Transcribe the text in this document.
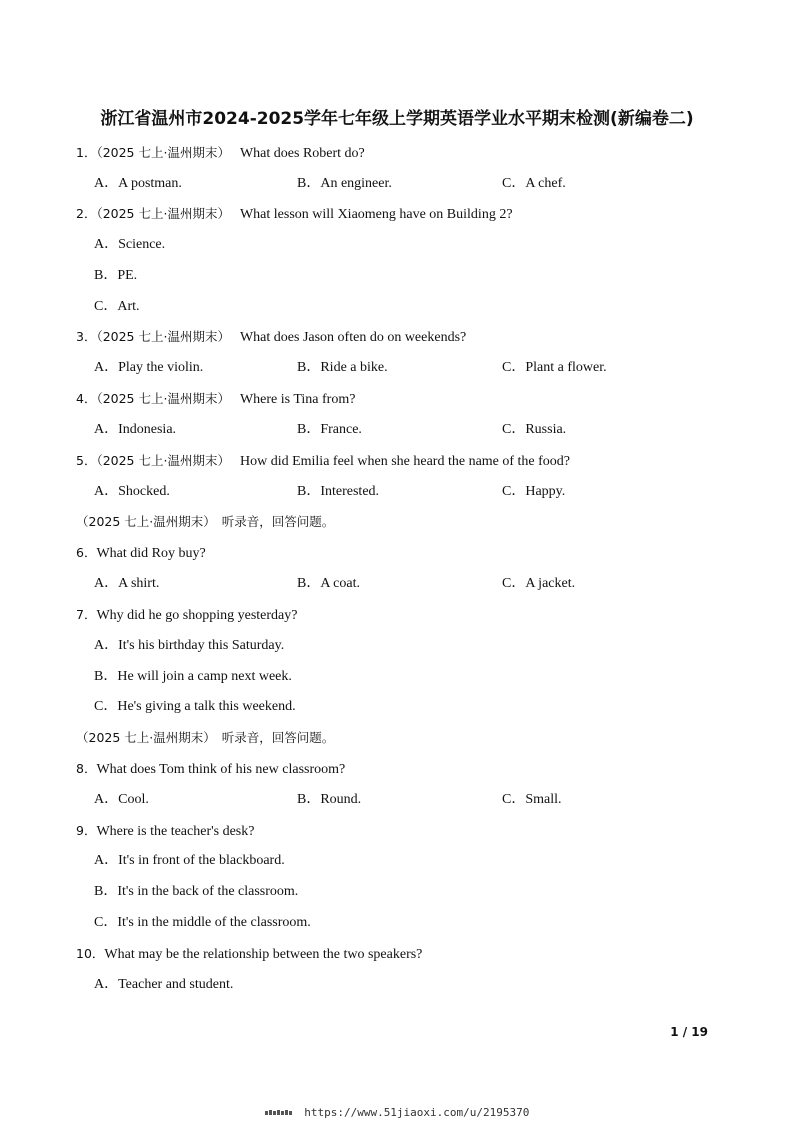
浙江省温州市2024-2025学年七年级上学期英语学业水平期末检测(新编卷二)
1．（2025 七上·温州期末） What does Robert do?
A．A postman.	B．An engineer.	C．A chef.
2．（2025 七上·温州期末） What lesson will Xiaomeng have on Building 2?
A．Science.
B．PE.
C．Art.
3．（2025 七上·温州期末） What does Jason often do on weekends?
A．Play the violin.	B．Ride a bike.	C．Plant a flower.
4．（2025 七上·温州期末） Where is Tina from?
A．Indonesia.	B．France.	C．Russia.
5．（2025 七上·温州期末） How did Emilia feel when she heard the name of the food?
A．Shocked.	B．Interested.	C．Happy.
（2025 七上·温州期末） 听录音，回答问题。
6．What did Roy buy?
A．A shirt.	B．A coat.	C．A jacket.
7．Why did he go shopping yesterday?
A．It's his birthday this Saturday.
B．He will join a camp next week.
C．He's giving a talk this weekend.
（2025 七上·温州期末） 听录音，回答问题。
8．What does Tom think of his new classroom?
A．Cool.	B．Round.	C．Small.
9．Where is the teacher's desk?
A．It's in front of the blackboard.
B．It's in the back of the classroom.
C．It's in the middle of the classroom.
10．What may be the relationship between the two speakers?
A．Teacher and student.
1 / 19
https://www.51jiaoxi.com/u/2195370
